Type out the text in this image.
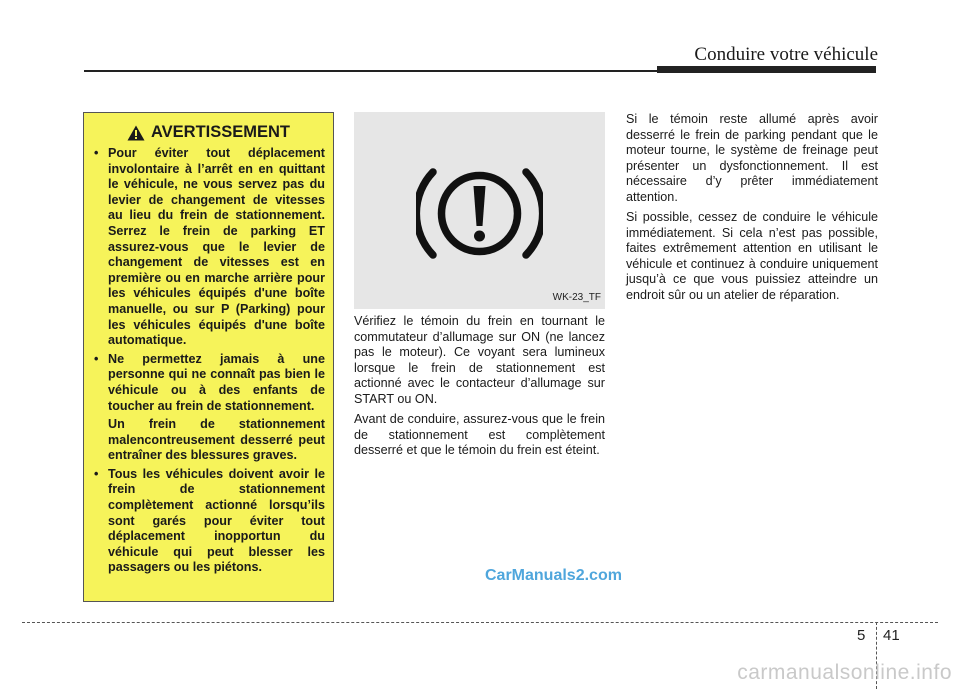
Conduire votre véhicule
AVERTISSEMENT

• Pour éviter tout déplacement involontaire à l’arrêt en en quittant le véhicule, ne vous servez pas du levier de changement de vitesses au lieu du frein de stationnement. Serrez le frein de parking ET assurez-vous que le levier de changement de vitesses est en première ou en marche arrière pour les véhicules équipés d'une boîte manuelle, ou sur P (Parking) pour les véhicules équipés d'une boîte automatique.

• Ne permettez jamais à une personne qui ne connaît pas bien le véhicule ou à des enfants de toucher au frein de stationnement.

Un frein de stationnement malencontreusement desserré peut entraîner des blessures graves.

• Tous les véhicules doivent avoir le frein de stationnement complètement actionné lorsqu’ils sont garés pour éviter tout déplacement inopportun du véhicule qui peut blesser les passagers ou les piétons.

WK-23_TF

Vérifiez le témoin du frein en tournant le commutateur d’allumage sur ON (ne lancez pas le moteur). Ce voyant sera lumineux lorsque le frein de stationnement est actionné avec le contacteur d’allumage sur START ou ON.

Avant de conduire, assurez-vous que le frein de stationnement est complètement desserré et que le témoin du frein est éteint.

Si le témoin reste allumé après avoir desserré le frein de parking pendant que le moteur tourne, le système de freinage peut présenter un dysfonctionnement. Il est nécessaire d’y prêter immédiatement attention.

Si possible, cessez de conduire le véhicule immédiatement. Si cela n’est pas possible, faites extrêmement attention en utilisant le véhicule et continuez à conduire uniquement jusqu’à ce que vous puissiez atteindre un endroit sûr ou un atelier de réparation.

CarManuals2.com
5 41
carmanualsonline.info
